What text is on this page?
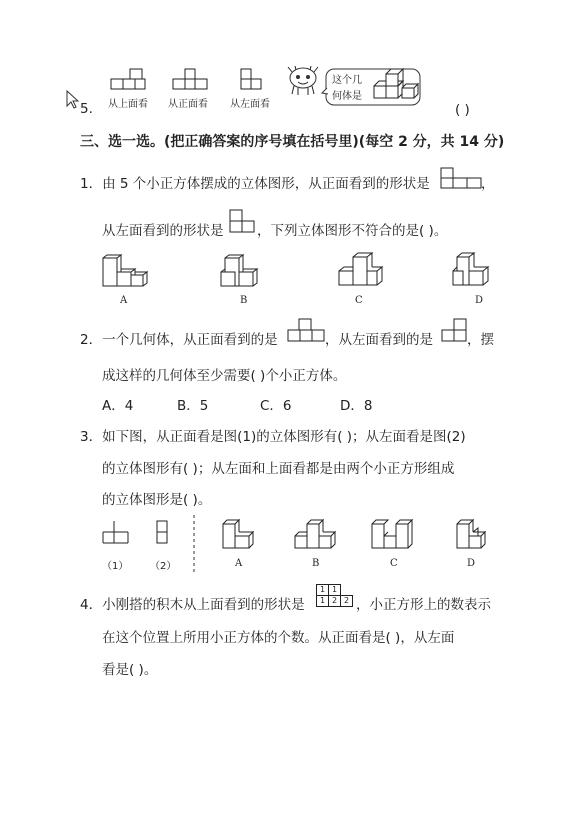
5. 从上面看 从正面看 从左面看
这个几
何体是
( )
三、选一选。(把正确答案的序号填在括号里)(每空 2 分，共 14 分)
1．由 5 个小正方体摆成的立体图形，从正面看到的形状是	，
从左面看到的形状是 ，下列立体图形不符合的是( )。
A	B	C	D
2．一个几何体，从正面看到的是	，从左面看到的是	，摆
成这样的几何体至少需要( )个小正方体。
A．4	B．5	C．6	D．8
3．如下图，从正面看是图(1)的立体图形有( )；从左面看是图(2)
的立体图形有( )；从左面和上面看都是由两个小正方形组成
的立体图形是( )。
（1） （2）	A	B	C	D
4．小刚搭的积木从上面看到的形状是
1 1
1 2 2 ，小正方形上的数表示
在这个位置上所用小正方体的个数。从正面看是( )，从左面
看是( )。
